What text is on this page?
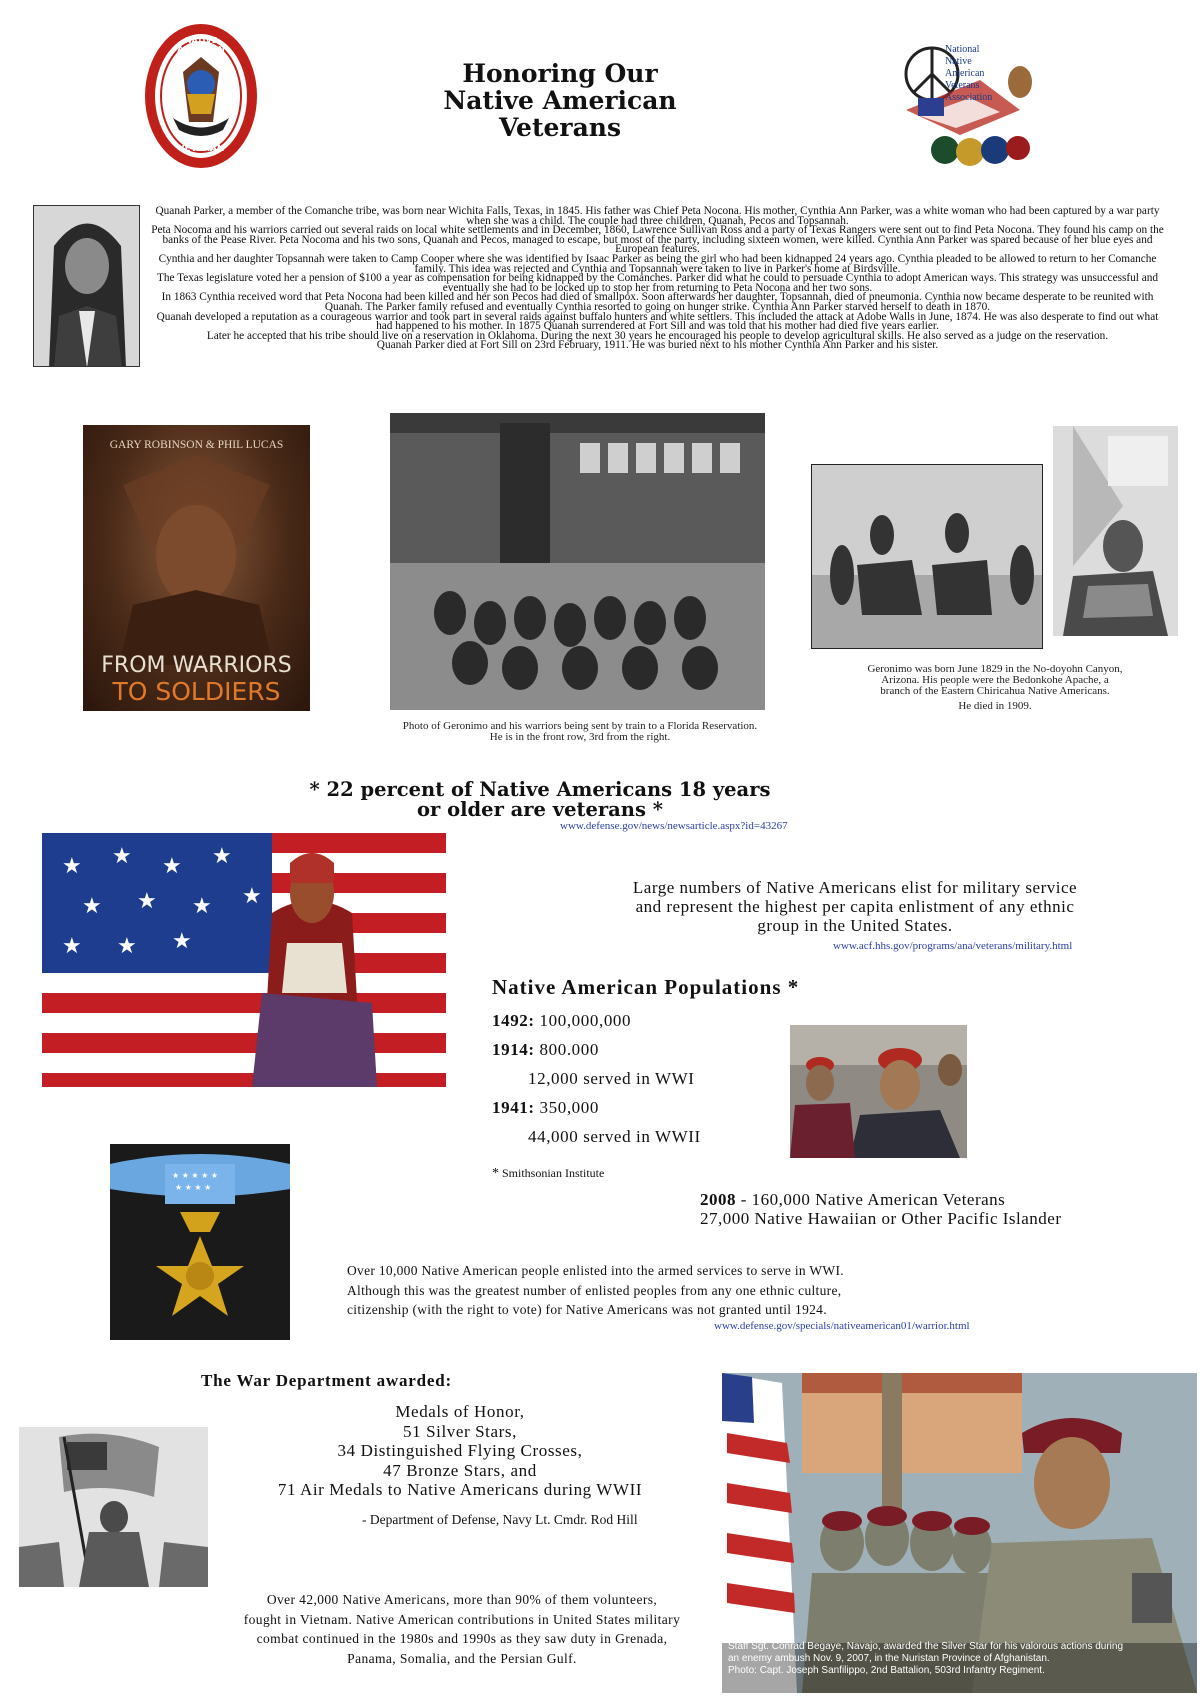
NATIVE AMERICAN
VETERAN
Honoring Our
Native American
Veterans
National
Native
American
Veterans
Association

Quanah Parker, a member of the Comanche tribe, was born near Wichita Falls, Texas, in 1845. His father was Chief Peta Nocona. His mother, Cynthia Ann Parker, was a white woman who had been captured by a war party when she was a child. The couple had three children, Quanah, Pecos and Topsannah.

Peta Nocoma and his warriors carried out several raids on local white settlements and in December, 1860, Lawrence Sullivan Ross and a party of Texas Rangers were sent out to find Peta Nocona. They found his camp on the banks of the Pease River. Peta Nocoma and his two sons, Quanah and Pecos, managed to escape, but most of the party, including sixteen women, were killed. Cynthia Ann Parker was spared because of her blue eyes and European features.

Cynthia and her daughter Topsannah were taken to Camp Cooper where she was identified by Isaac Parker as being the girl who had been kidnapped 24 years ago. Cynthia pleaded to be allowed to return to her Comanche family. This idea was rejected and Cynthia and Topsannah were taken to live in Parker's home at Birdsville.

The Texas legislature voted her a pension of $100 a year as compensation for being kidnapped by the Comanches. Parker did what he could to persuade Cynthia to adopt American ways. This strategy was unsuccessful and eventually she had to be locked up to stop her from returning to Peta Nocona and her two sons.

In 1863 Cynthia received word that Peta Nocona had been killed and her son Pecos had died of smallpox. Soon afterwards her daughter, Topsannah, died of pneumonia. Cynthia now became desperate to be reunited with Quanah. The Parker family refused and eventually Cynthia resorted to going on hunger strike. Cynthia Ann Parker starved herself to death in 1870.

Quanah developed a reputation as a courageous warrior and took part in several raids against buffalo hunters and white settlers. This included the attack at Adobe Walls in June, 1874. He was also desperate to find out what had happened to his mother. In 1875 Quanah surrendered at Fort Sill and was told that his mother had died five years earlier.

Later he accepted that his tribe should live on a reservation in Oklahoma. During the next 30 years he encouraged his people to develop agricultural skills. He also served as a judge on the reservation.

Quanah Parker died at Fort Sill on 23rd February, 1911. He was buried next to his mother Cynthia Ann Parker and his sister.

GARY ROBINSON & PHIL LUCAS
FROM WARRIORS
TO SOLDIERS
Photo of Geronimo and his warriors being sent by train to a Florida Reservation.
He is in the front row, 3rd from the right.
Geronimo was born June 1829 in the No-doyohn Canyon,
Arizona. His people were the Bedonkohe Apache, a
branch of the Eastern Chiricahua Native Americans.
He died in 1909.
* 22 percent of Native Americans 18 years
or older are veterans *
www.defense.gov/news/newsarticle.aspx?id=43267
★ ★ ★ ★
★ ★ ★ ★
★ ★ ★
Large numbers of Native Americans elist for military service
and represent the highest per capita enlistment of any ethnic
group in the United States.
www.acf.hhs.gov/programs/ana/veterans/military.html
Native American Populations *
1492: 100,000,000
1914: 800.000
12,000 served in WWI
1941: 350,000
44,000 served in WWII
* Smithsonian Institute
2008 - 160,000 Native American Veterans
27,000 Native Hawaiian or Other Pacific Islander
★ ★ ★ ★ ★
★ ★ ★ ★
Over 10,000 Native American people enlisted into the armed services to serve in WWI.
Although this was the greatest number of enlisted peoples from any one ethnic culture,
citizenship (with the right to vote) for Native Americans was not granted until 1924.
www.defense.gov/specials/nativeamerican01/warrior.html
The War Department awarded:
Medals of Honor,
51 Silver Stars,
34 Distinguished Flying Crosses,
47 Bronze Stars, and
71 Air Medals to Native Americans during WWII
- Department of Defense, Navy Lt. Cmdr. Rod Hill
Over 42,000 Native Americans, more than 90% of them volunteers,
fought in Vietnam. Native American contributions in United States military
combat continued in the 1980s and 1990s as they saw duty in Grenada,
Panama, Somalia, and the Persian Gulf.
Staff Sgt. Conrad Begaye, Navajo, awarded the Silver Star for his valorous actions during
an enemy ambush Nov. 9, 2007, in the Nuristan Province of Afghanistan.
Photo: Capt. Joseph Sanfilippo, 2nd Battalion, 503rd Infantry Regiment.
